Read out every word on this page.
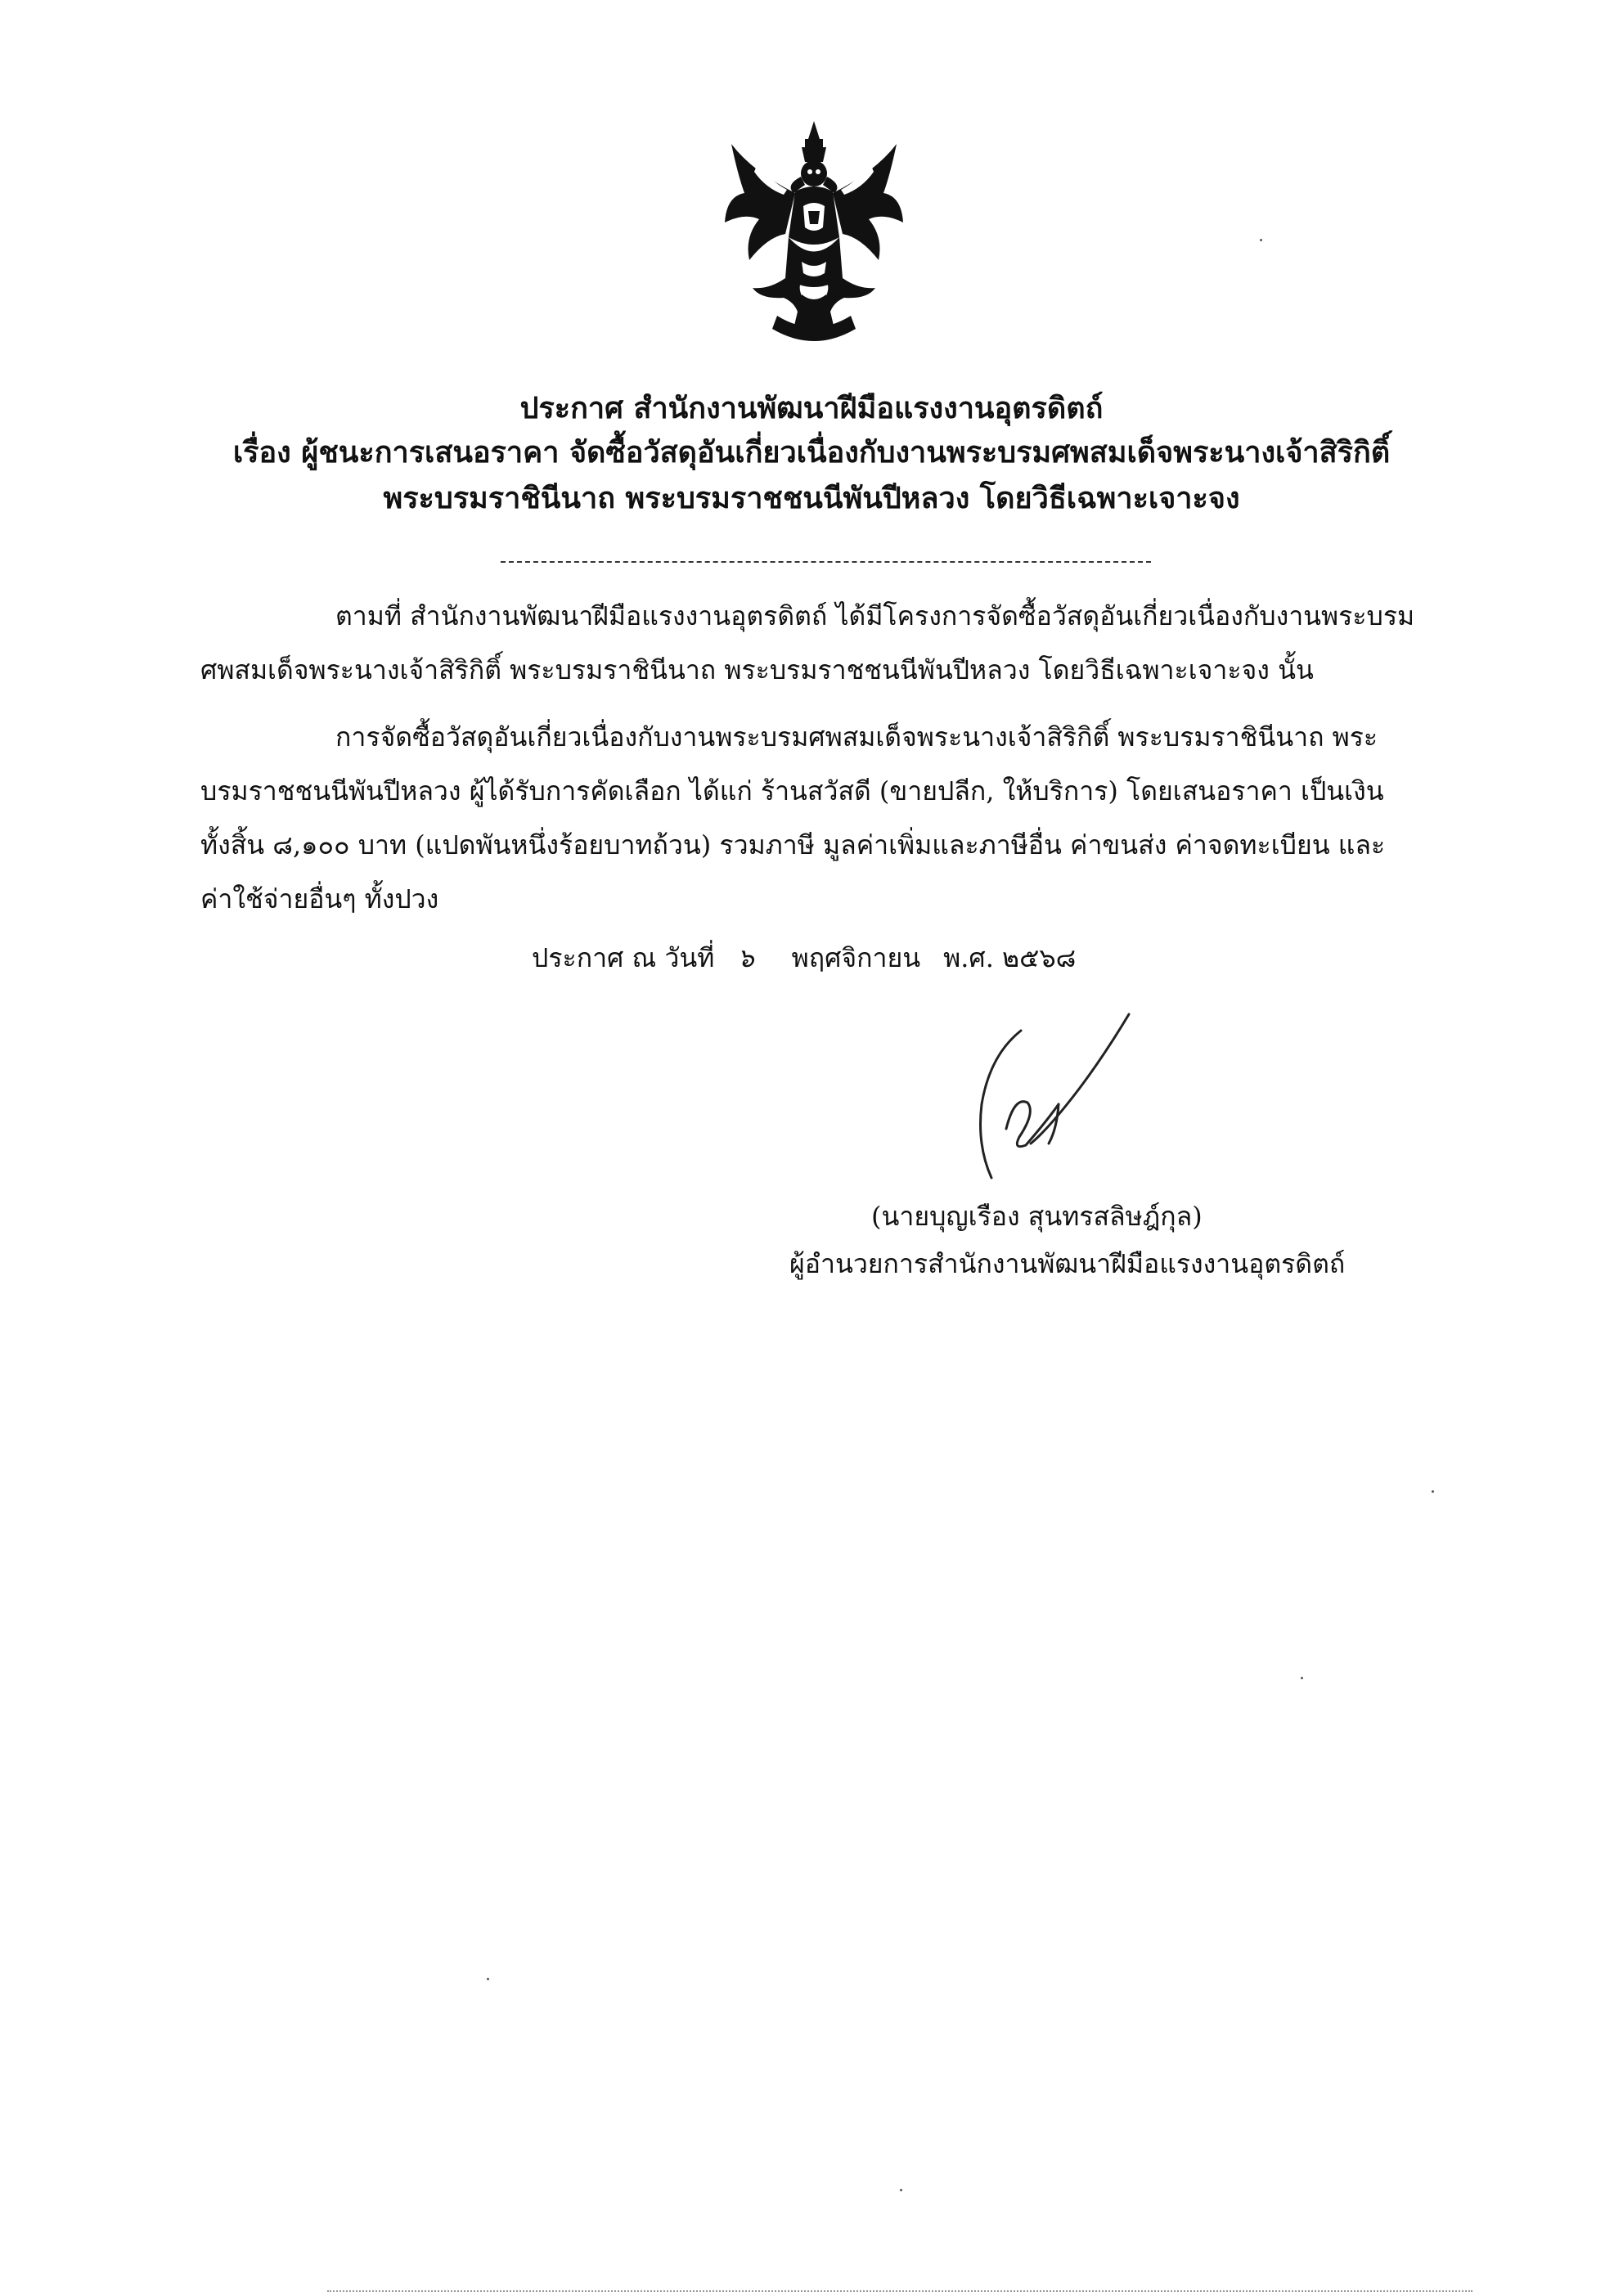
ประกาศ สำนักงานพัฒนาฝีมือแรงงานอุตรดิตถ์
เรื่อง ผู้ชนะการเสนอราคา จัดซื้อวัสดุอันเกี่ยวเนื่องกับงานพระบรมศพสมเด็จพระนางเจ้าสิริกิติ์
พระบรมราชินีนาถ พระบรมราชชนนีพันปีหลวง โดยวิธีเฉพาะเจาะจง
ตามที่ สำนักงานพัฒนาฝีมือแรงงานอุตรดิตถ์ ได้มีโครงการจัดซื้อวัสดุอันเกี่ยวเนื่องกับงานพระบรม
ศพสมเด็จพระนางเจ้าสิริกิติ์ พระบรมราชินีนาถ พระบรมราชชนนีพันปีหลวง โดยวิธีเฉพาะเจาะจง นั้น
การจัดซื้อวัสดุอันเกี่ยวเนื่องกับงานพระบรมศพสมเด็จพระนางเจ้าสิริกิติ์ พระบรมราชินีนาถ พระ
บรมราชชนนีพันปีหลวง ผู้ได้รับการคัดเลือก ได้แก่ ร้านสวัสดี (ขายปลีก, ให้บริการ) โดยเสนอราคา เป็นเงิน
ทั้งสิ้น ๘,๑๐๐ บาท (แปดพันหนึ่งร้อยบาทถ้วน) รวมภาษี มูลค่าเพิ่มและภาษีอื่น ค่าขนส่ง ค่าจดทะเบียน และ
ค่าใช้จ่ายอื่นๆ ทั้งปวง
ประกาศ ณ วันที่ ๖ พฤศจิกายน พ.ศ. ๒๕๖๘
(นายบุญเรือง สุนทรสลิษฎ์กุล)
ผู้อำนวยการสำนักงานพัฒนาฝีมือแรงงานอุตรดิตถ์
